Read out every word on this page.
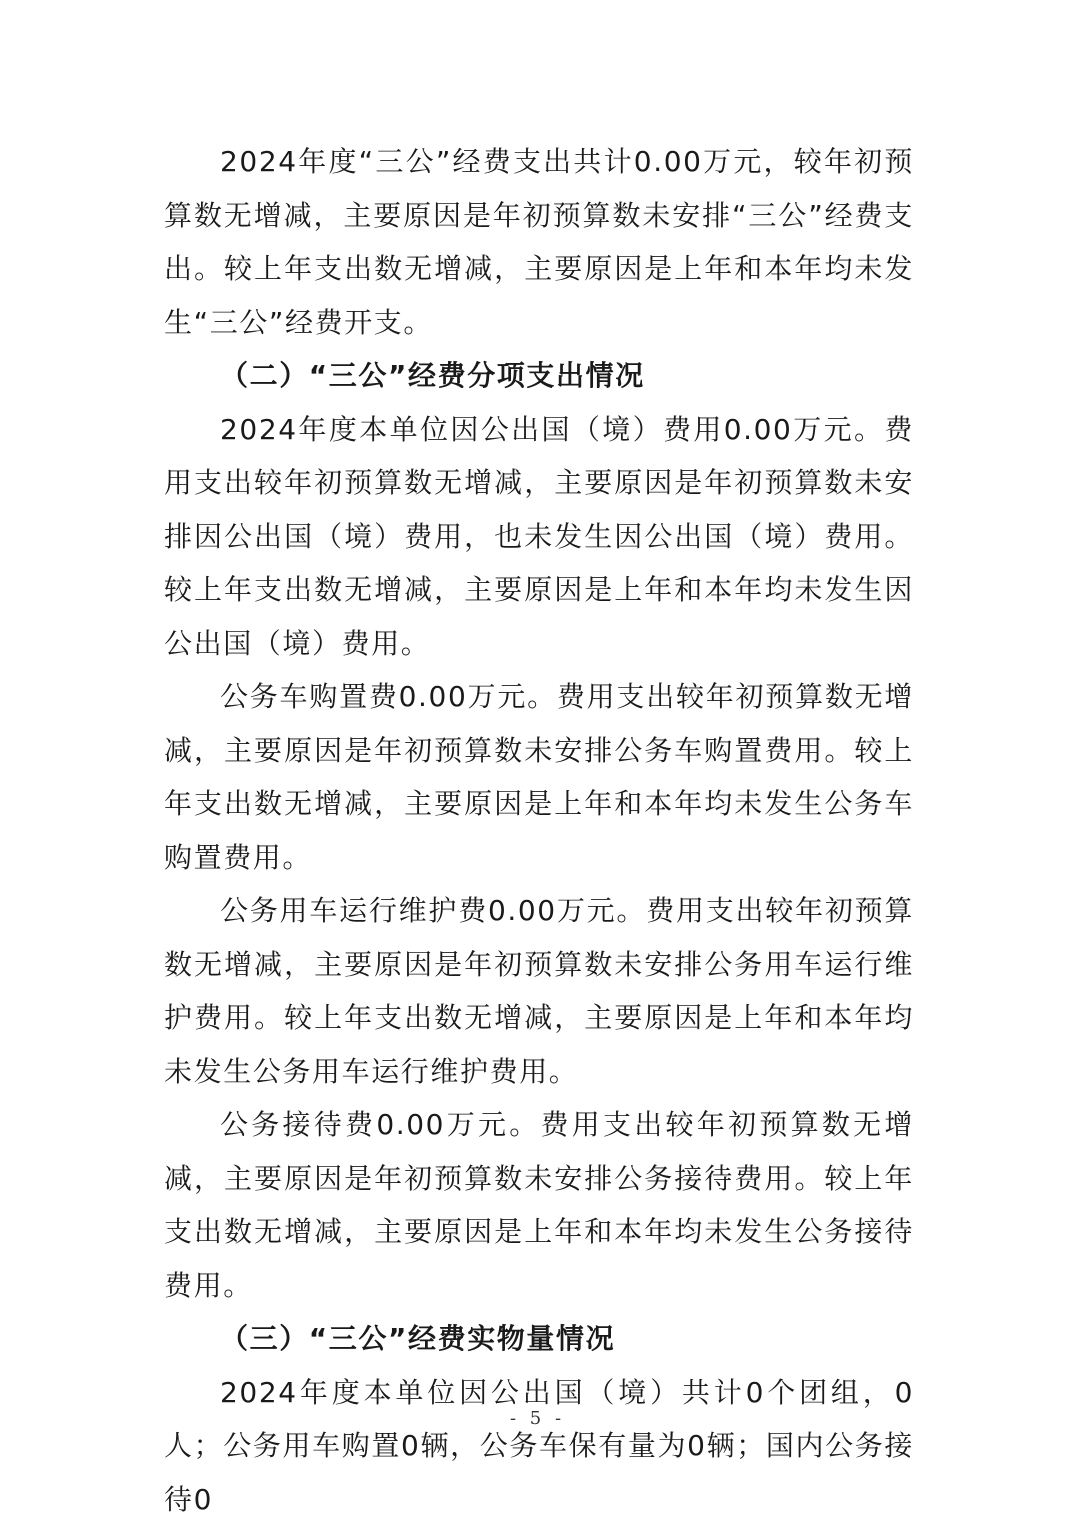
2024年度“三公”经费支出共计0.00万元，较年初预算数无增减，主要原因是年初预算数未安排“三公”经费支出。较上年支出数无增减，主要原因是上年和本年均未发生“三公”经费开支。

（二）“三公”经费分项支出情况

2024年度本单位因公出国（境）费用0.00万元。费用支出较年初预算数无增减，主要原因是年初预算数未安排因公出国（境）费用，也未发生因公出国（境）费用。较上年支出数无增减，主要原因是上年和本年均未发生因公出国（境）费用。

公务车购置费0.00万元。费用支出较年初预算数无增减，主要原因是年初预算数未安排公务车购置费用。较上年支出数无增减，主要原因是上年和本年均未发生公务车购置费用。

公务用车运行维护费0.00万元。费用支出较年初预算数无增减，主要原因是年初预算数未安排公务用车运行维护费用。较上年支出数无增减，主要原因是上年和本年均未发生公务用车运行维护费用。

公务接待费0.00万元。费用支出较年初预算数无增减，主要原因是年初预算数未安排公务接待费用。较上年支出数无增减，主要原因是上年和本年均未发生公务接待费用。

（三）“三公”经费实物量情况

2024年度本单位因公出国（境）共计0个团组，0人；公务用车购置0辆，公务车保有量为0辆；国内公务接待0

- 5 -
